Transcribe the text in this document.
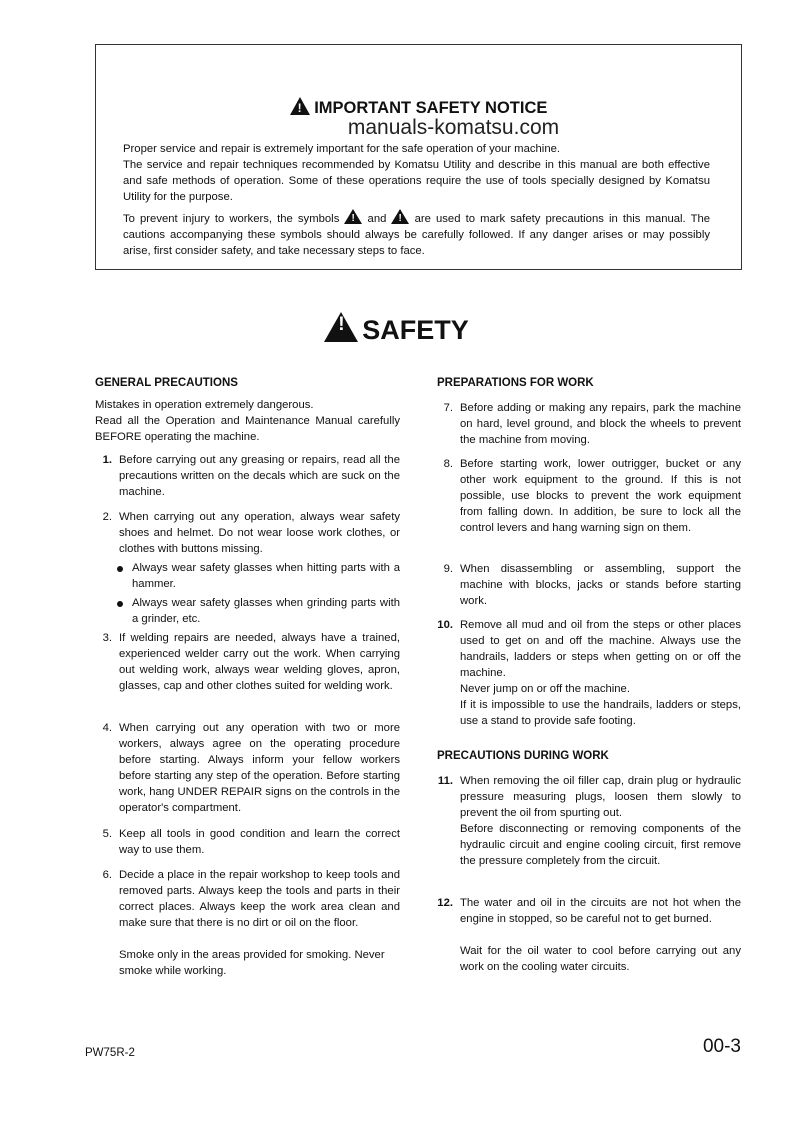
! IMPORTANT SAFETY NOTICE
manuals-komatsu.com
Proper service and repair is extremely important for the safe operation of your machine.
The service and repair techniques recommended by Komatsu Utility and describe in this manual are both effective and safe methods of operation. Some of these operations require the use of tools specially designed by Komatsu Utility for the purpose.
To prevent injury to workers, the symbols ! and ! are used to mark safety precautions in this manual. The cautions accompanying these symbols should always be carefully followed. If any danger arises or may possibly arise, first consider safety, and take necessary steps to face.
!SAFETY
GENERAL PRECAUTIONS
Mistakes in operation extremely dangerous.
Read all the Operation and Maintenance Manual carefully BEFORE operating the machine.
1. Before carrying out any greasing or repairs, read all the precautions written on the decals which are suck on the machine.
2. When carrying out any operation, always wear safety shoes and helmet. Do not wear loose work clothes, or clothes with buttons missing.
Always wear safety glasses when hitting parts with a hammer.
Always wear safety glasses when grinding parts with a grinder, etc.
3. If welding repairs are needed, always have a trained, experienced welder carry out the work. When carrying out welding work, always wear welding gloves, apron, glasses, cap and other clothes suited for welding work.
4. When carrying out any operation with two or more workers, always agree on the operating procedure before starting. Always inform your fellow workers before starting any step of the operation. Before starting work, hang UNDER REPAIR signs on the controls in the operator's compartment.
5. Keep all tools in good condition and learn the correct way to use them.
6. Decide a place in the repair workshop to keep tools and removed parts. Always keep the tools and parts in their correct places. Always keep the work area clean and make sure that there is no dirt or oil on the floor.
Smoke only in the areas provided for smoking. Never smoke while working.
PREPARATIONS FOR WORK
7. Before adding or making any repairs, park the machine on hard, level ground, and block the wheels to prevent the machine from moving.
8. Before starting work, lower outrigger, bucket or any other work equipment to the ground. If this is not possible, use blocks to prevent the work equipment from falling down. In addition, be sure to lock all the control levers and hang warning sign on them.
9. When disassembling or assembling, support the machine with blocks, jacks or stands before starting work.
10. Remove all mud and oil from the steps or other places used to get on and off the machine. Always use the handrails, ladders or steps when getting on or off the machine.
Never jump on or off the machine.
If it is impossible to use the handrails, ladders or steps, use a stand to provide safe footing.
PRECAUTIONS DURING WORK
11. When removing the oil filler cap, drain plug or hydraulic pressure measuring plugs, loosen them slowly to prevent the oil from spurting out.
Before disconnecting or removing components of the hydraulic circuit and engine cooling circuit, first remove the pressure completely from the circuit.
12. The water and oil in the circuits are not hot when the engine in stopped, so be careful not to get burned.
Wait for the oil water to cool before carrying out any work on the cooling water circuits.
PW75R-2	00-3
